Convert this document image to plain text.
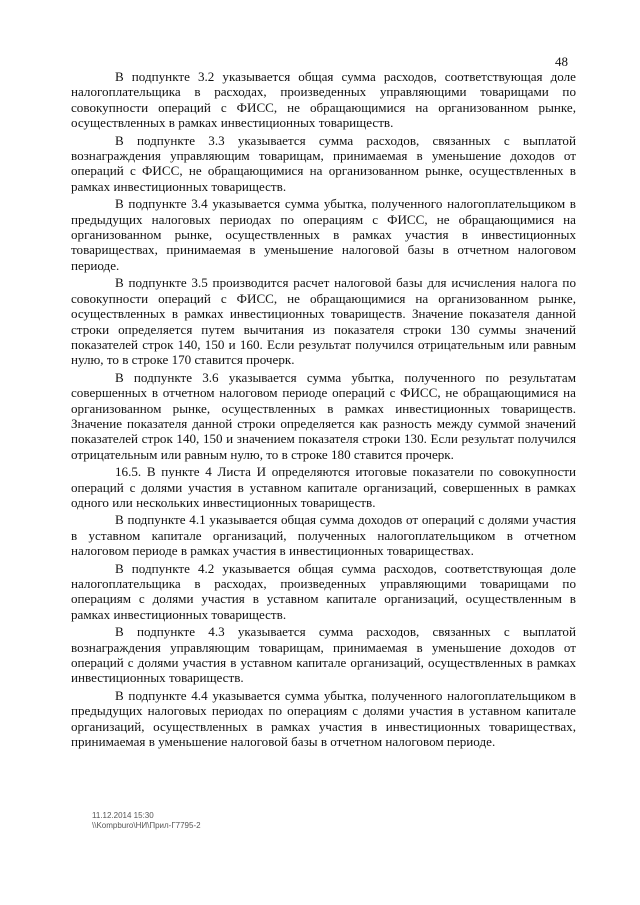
48

В подпункте 3.2 указывается общая сумма расходов, соответствующая доле налогоплательщика в расходах, произведенных управляющими товарищами по совокупности операций с ФИСС, не обращающимися на организованном рынке, осуществленных в рамках инвестиционных товариществ.

В подпункте 3.3 указывается сумма расходов, связанных с выплатой вознаграждения управляющим товарищам, принимаемая в уменьшение доходов от операций с ФИСС, не обращающимися на организованном рынке, осуществленных в рамках инвестиционных товариществ.

В подпункте 3.4 указывается сумма убытка, полученного налогоплательщиком в предыдущих налоговых периодах по операциям с ФИСС, не обращающимися на организованном рынке, осуществленных в рамках участия в инвестиционных товариществах, принимаемая в уменьшение налоговой базы в отчетном налоговом периоде.

В подпункте 3.5 производится расчет налоговой базы для исчисления налога по совокупности операций с ФИСС, не обращающимися на организованном рынке, осуществленных в рамках инвестиционных товариществ. Значение показателя данной строки определяется путем вычитания из показателя строки 130 суммы значений показателей строк 140, 150 и 160. Если результат получился отрицательным или равным нулю, то в строке 170 ставится прочерк.

В подпункте 3.6 указывается сумма убытка, полученного по результатам совершенных в отчетном налоговом периоде операций с ФИСС, не обращающимися на организованном рынке, осуществленных в рамках инвестиционных товариществ. Значение показателя данной строки определяется как разность между суммой значений показателей строк 140, 150 и значением показателя строки 130. Если результат получился отрицательным или равным нулю, то в строке 180 ставится прочерк.

16.5. В пункте 4 Листа И определяются итоговые показатели по совокупности операций с долями участия в уставном капитале организаций, совершенных в рамках одного или нескольких инвестиционных товариществ.

В подпункте 4.1 указывается общая сумма доходов от операций с долями участия в уставном капитале организаций, полученных налогоплательщиком в отчетном налоговом периоде в рамках участия в инвестиционных товариществах.

В подпункте 4.2 указывается общая сумма расходов, соответствующая доле налогоплательщика в расходах, произведенных управляющими товарищами по операциям с долями участия в уставном капитале организаций, осуществленным в рамках инвестиционных товариществ.

В подпункте 4.3 указывается сумма расходов, связанных с выплатой вознаграждения управляющим товарищам, принимаемая в уменьшение доходов от операций с долями участия в уставном капитале организаций, осуществленных в рамках инвестиционных товариществ.

В подпункте 4.4 указывается сумма убытка, полученного налогоплательщиком в предыдущих налоговых периодах по операциям с долями участия в уставном капитале организаций, осуществленных в рамках участия в инвестиционных товариществах, принимаемая в уменьшение налоговой базы в отчетном налоговом периоде.

11.12.2014 15:30
\\Kompburo\НИ\Прил-Г7795-2
